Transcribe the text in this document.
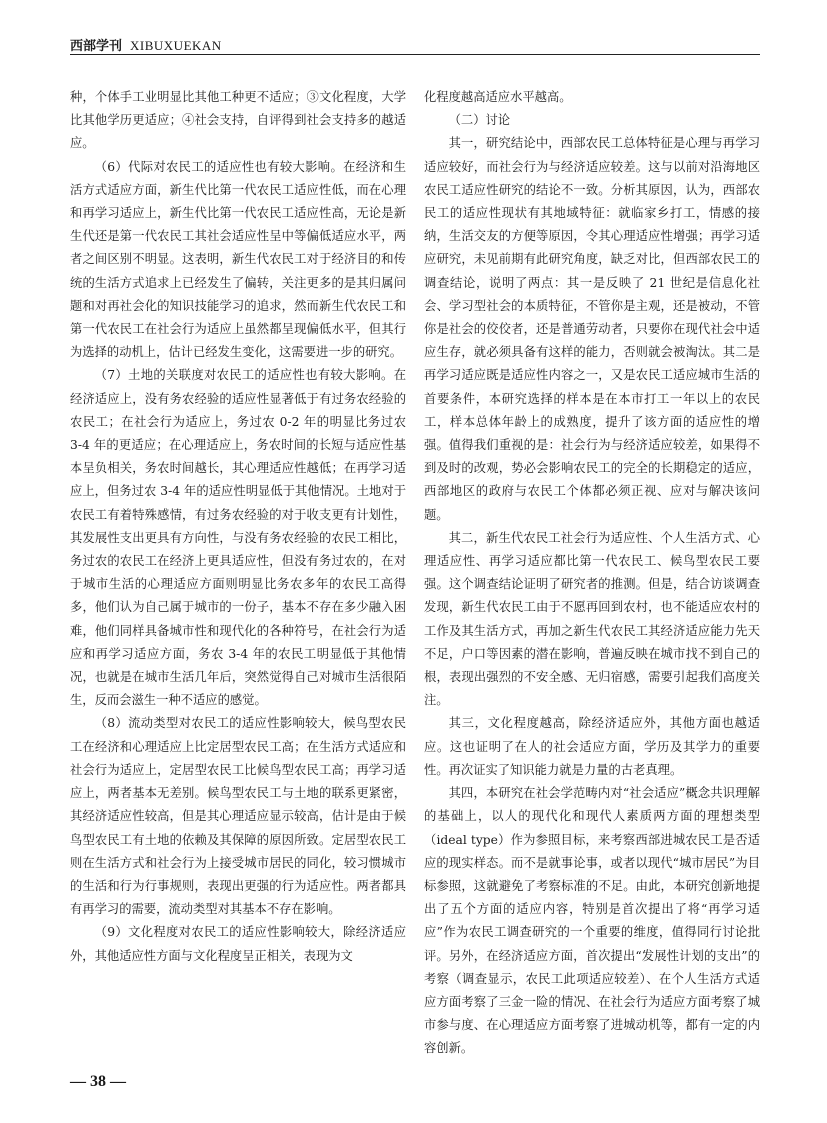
西部学刊 XIBUXUEKAN

种，个体手工业明显比其他工种更不适应；③文化程度，大学比其他学历更适应；④社会支持，自评得到社会支持多的越适应。

（6）代际对农民工的适应性也有较大影响。在经济和生活方式适应方面，新生代比第一代农民工适应性低，而在心理和再学习适应上，新生代比第一代农民工适应性高，无论是新生代还是第一代农民工其社会适应性呈中等偏低适应水平，两者之间区别不明显。这表明，新生代农民工对于经济目的和传统的生活方式追求上已经发生了偏转，关注更多的是其归属问题和对再社会化的知识技能学习的追求，然而新生代农民工和第一代农民工在社会行为适应上虽然都呈现偏低水平，但其行为选择的动机上，估计已经发生变化，这需要进一步的研究。

（7）土地的关联度对农民工的适应性也有较大影响。在经济适应上，没有务农经验的适应性显著低于有过务农经验的农民工；在社会行为适应上，务过农 0-2 年的明显比务过农 3-4 年的更适应；在心理适应上，务农时间的长短与适应性基本呈负相关，务农时间越长，其心理适应性越低；在再学习适应上，但务过农 3-4 年的适应性明显低于其他情况。土地对于农民工有着特殊感情，有过务农经验的对于收支更有计划性，其发展性支出更具有方向性，与没有务农经验的农民工相比，务过农的农民工在经济上更具适应性，但没有务过农的，在对于城市生活的心理适应方面则明显比务农多年的农民工高得多，他们认为自己属于城市的一份子，基本不存在多少融入困难，他们同样具备城市性和现代化的各种符号，在社会行为适应和再学习适应方面，务农 3-4 年的农民工明显低于其他情况，也就是在城市生活几年后，突然觉得自己对城市生活很陌生，反而会滋生一种不适应的感觉。

（8）流动类型对农民工的适应性影响较大，候鸟型农民工在经济和心理适应上比定居型农民工高；在生活方式适应和社会行为适应上，定居型农民工比候鸟型农民工高；再学习适应上，两者基本无差别。候鸟型农民工与土地的联系更紧密，其经济适应性较高，但是其心理适应显示较高，估计是由于候鸟型农民工有土地的依赖及其保障的原因所致。定居型农民工则在生活方式和社会行为上接受城市居民的同化，较习惯城市的生活和行为行事规则，表现出更强的行为适应性。两者都具有再学习的需要，流动类型对其基本不存在影响。

（9）文化程度对农民工的适应性影响较大，除经济适应外，其他适应性方面与文化程度呈正相关，表现为文

化程度越高适应水平越高。

（二）讨论

其一，研究结论中，西部农民工总体特征是心理与再学习适应较好，而社会行为与经济适应较差。这与以前对沿海地区农民工适应性研究的结论不一致。分析其原因，认为，西部农民工的适应性现状有其地域特征：就临家乡打工，情感的接纳，生活交友的方便等原因，令其心理适应性增强；再学习适应研究，未见前期有此研究角度，缺乏对比，但西部农民工的调查结论，说明了两点：其一是反映了 21 世纪是信息化社会、学习型社会的本质特征，不管你是主观，还是被动，不管你是社会的佼佼者，还是普通劳动者，只要你在现代社会中适应生存，就必须具备有这样的能力，否则就会被淘汰。其二是再学习适应既是适应性内容之一，又是农民工适应城市生活的首要条件，本研究选择的样本是在本市打工一年以上的农民工，样本总体年龄上的成熟度，提升了该方面的适应性的增强。值得我们重视的是：社会行为与经济适应较差，如果得不到及时的改观，势必会影响农民工的完全的长期稳定的适应，西部地区的政府与农民工个体都必须正视、应对与解决该问题。

其二，新生代农民工社会行为适应性、个人生活方式、心理适应性、再学习适应都比第一代农民工、候鸟型农民工要强。这个调查结论证明了研究者的推测。但是，结合访谈调查发现，新生代农民工由于不愿再回到农村，也不能适应农村的工作及其生活方式，再加之新生代农民工其经济适应能力先天不足，户口等因素的潜在影响，普遍反映在城市找不到自己的根，表现出强烈的不安全感、无归宿感，需要引起我们高度关注。

其三，文化程度越高，除经济适应外，其他方面也越适应。这也证明了在人的社会适应方面，学历及其学力的重要性。再次证实了知识能力就是力量的古老真理。

其四，本研究在社会学范畴内对“社会适应”概念共识理解的基础上，以人的现代化和现代人素质两方面的理想类型（ideal type）作为参照目标，来考察西部进城农民工是否适应的现实样态。而不是就事论事，或者以现代“城市居民”为目标参照，这就避免了考察标准的不足。由此，本研究创新地提出了五个方面的适应内容，特别是首次提出了将“再学习适应”作为农民工调查研究的一个重要的维度，值得同行讨论批评。另外，在经济适应方面，首次提出“发展性计划的支出”的考察（调查显示，农民工此项适应较差）、在个人生活方式适应方面考察了三金一险的情况、在社会行为适应方面考察了城市参与度、在心理适应方面考察了进城动机等，都有一定的内容创新。

— 38 —
